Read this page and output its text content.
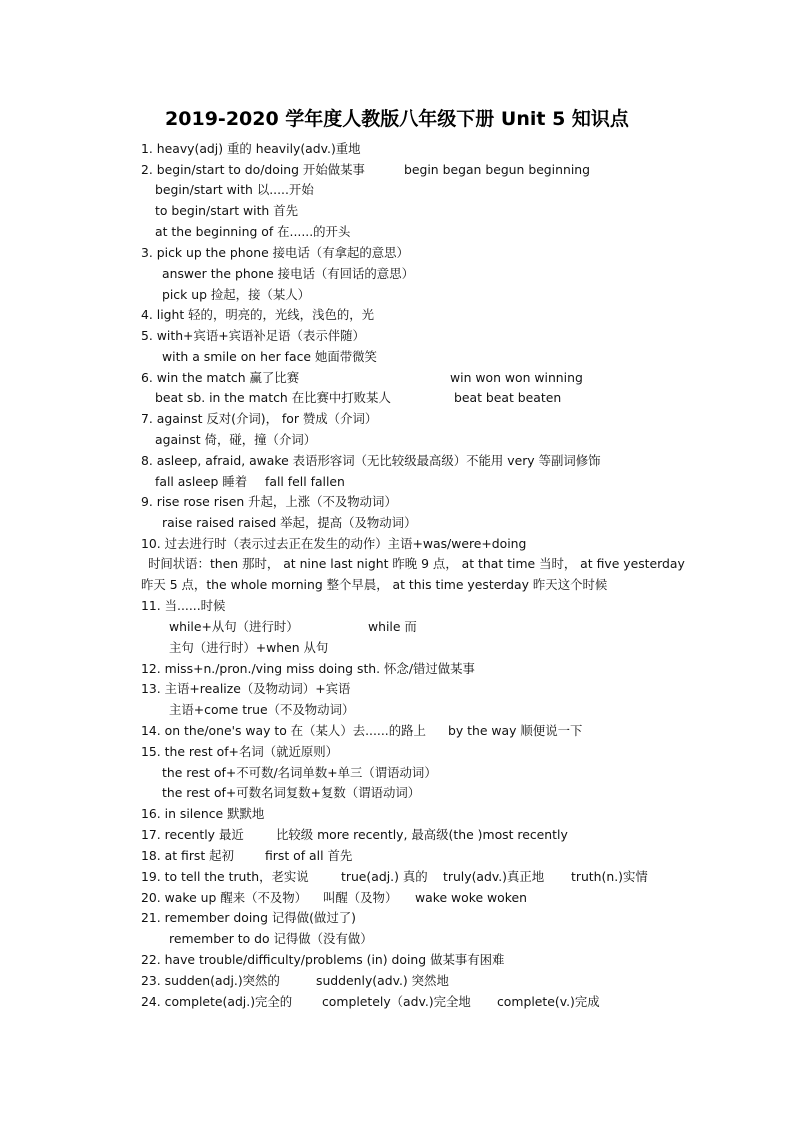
2019-2020 学年度人教版八年级下册 Unit 5 知识点
1. heavy(adj) 重的 heavily(adv.)重地
2. begin/start to do/doing 开始做某事	begin began begun beginning
begin/start with 以.....开始
to begin/start with 首先
at the beginning of 在......的开头
3. pick up the phone 接电话（有拿起的意思）
answer the phone 接电话（有回话的意思）
pick up 捡起，接（某人）
4. light 轻的，明亮的，光线，浅色的，光
5. with+宾语+宾语补足语（表示伴随）
with a smile on her face 她面带微笑
6. win the match 赢了比赛	win won won winning
beat sb. in the match 在比赛中打败某人	beat beat beaten
7. against 反对(介词)， for 赞成（介词）
against 倚，碰，撞（介词）
8. asleep, afraid, awake 表语形容词（无比较级最高级）不能用 very 等副词修饰
fall asleep 睡着 fall fell fallen
9. rise rose risen 升起，上涨（不及物动词）
raise raised raised 举起，提高（及物动词）
10. 过去进行时（表示过去正在发生的动作）主语+was/were+doing
时间状语：then 那时， at nine last night 昨晚 9 点， at that time 当时， at five yesterday
昨天 5 点，the whole morning 整个早晨， at this time yesterday 昨天这个时候
11. 当......时候
while+从句（进行时）	while 而
主句（进行时）+when 从句
12. miss+n./pron./ving miss doing sth. 怀念/错过做某事
13. 主语+realize（及物动词）+宾语
主语+come true（不及物动词）
14. on the/one's way to 在（某人）去......的路上 by the way 顺便说一下
15. the rest of+名词（就近原则）
the rest of+不可数/名词单数+单三（谓语动词）
the rest of+可数名词复数+复数（谓语动词）
16. in silence 默默地
17. recently 最近	比较级 more recently, 最高级(the )most recently
18. at first 起初	first of all 首先
19. to tell the truth，老实说	true(adj.) 真的 truly(adv.)真正地 truth(n.)实情
20. wake up 醒来（不及物） 叫醒（及物） wake woke woken
21. remember doing 记得做(做过了)
remember to do 记得做（没有做）
22. have trouble/difficulty/problems (in) doing 做某事有困难
23. sudden(adj.)突然的	suddenly(adv.) 突然地
24. complete(adj.)完全的 completely（adv.)完全地 complete(v.)完成
